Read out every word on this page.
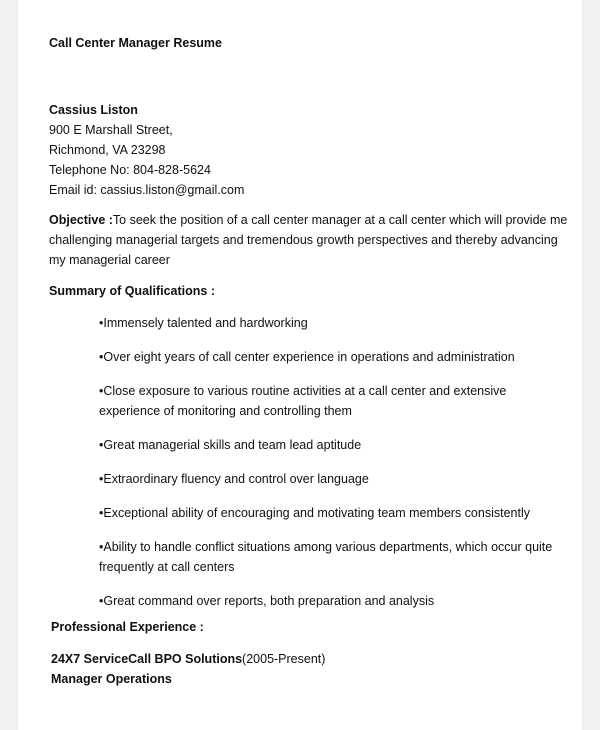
Call Center Manager Resume
Cassius Liston
900 E Marshall Street,
Richmond, VA 23298
Telephone No: 804-828-5624
Email id: cassius.liston@gmail.com
Objective :To seek the position of a call center manager at a call center which will provide me challenging managerial targets and tremendous growth perspectives and thereby advancing my managerial career
Summary of Qualifications :
•Immensely talented and hardworking
•Over eight years of call center experience in operations and administration
•Close exposure to various routine activities at a call center and extensive experience of monitoring and controlling them
•Great managerial skills and team lead aptitude
•Extraordinary fluency and control over language
•Exceptional ability of encouraging and motivating team members consistently
•Ability to handle conflict situations among various departments, which occur quite frequently at call centers
•Great command over reports, both preparation and analysis
Professional Experience :
24X7 ServiceCall BPO Solutions(2005-Present)
Manager Operations
